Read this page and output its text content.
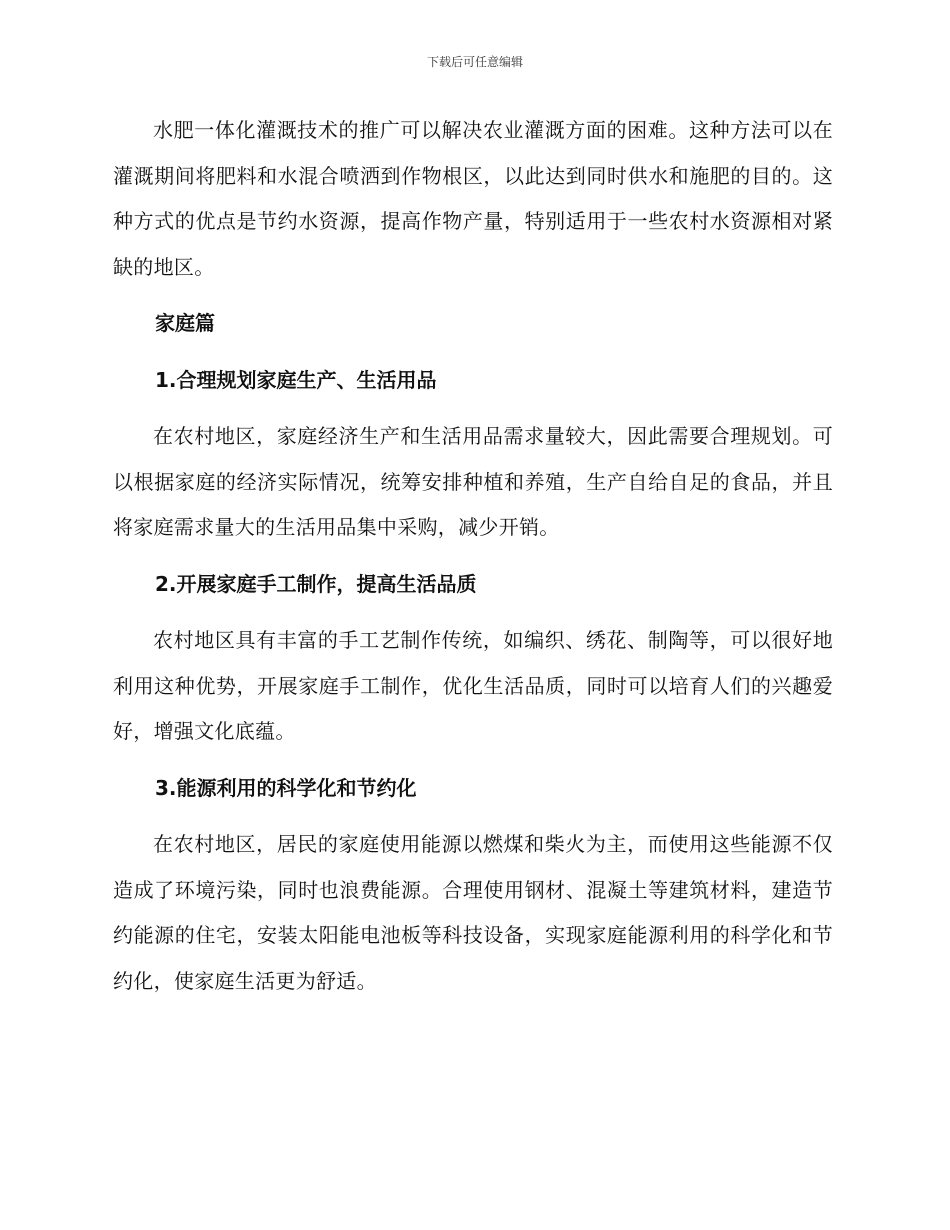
下载后可任意编辑

水肥一体化灌溉技术的推广可以解决农业灌溉方面的困难。这种方法可以在灌溉期间将肥料和水混合喷洒到作物根区，以此达到同时供水和施肥的目的。这种方式的优点是节约水资源，提高作物产量，特别适用于一些农村水资源相对紧缺的地区。

家庭篇

1.合理规划家庭生产、生活用品

在农村地区，家庭经济生产和生活用品需求量较大，因此需要合理规划。可以根据家庭的经济实际情况，统筹安排种植和养殖，生产自给自足的食品，并且将家庭需求量大的生活用品集中采购，减少开销。

2.开展家庭手工制作，提高生活品质

农村地区具有丰富的手工艺制作传统，如编织、绣花、制陶等，可以很好地利用这种优势，开展家庭手工制作，优化生活品质，同时可以培育人们的兴趣爱好，增强文化底蕴。

3.能源利用的科学化和节约化

在农村地区，居民的家庭使用能源以燃煤和柴火为主，而使用这些能源不仅造成了环境污染，同时也浪费能源。合理使用钢材、混凝土等建筑材料，建造节约能源的住宅，安装太阳能电池板等科技设备，实现家庭能源利用的科学化和节约化，使家庭生活更为舒适。
